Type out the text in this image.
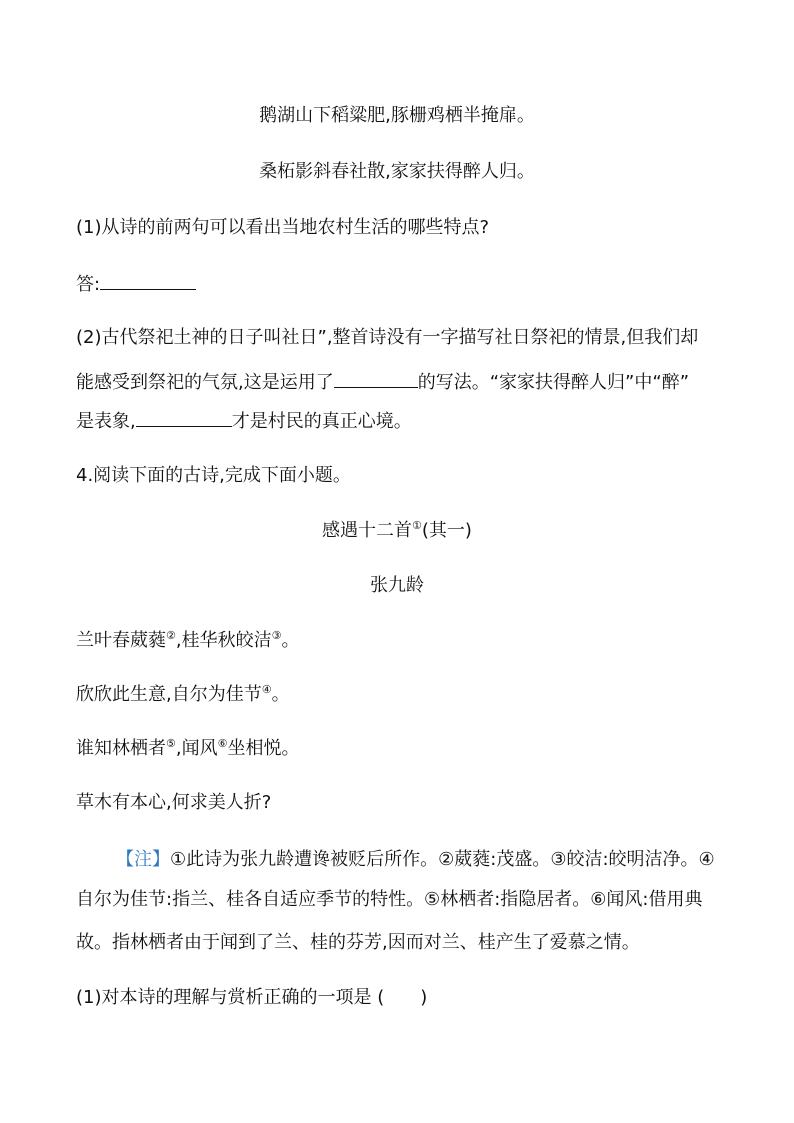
鹅湖山下稻粱肥,豚栅鸡栖半掩扉。
桑柘影斜春社散,家家扶得醉人归。
(1)从诗的前两句可以看出当地农村生活的哪些特点?
答:
(2)古代祭祀土神的日子叫社日”,整首诗没有一字描写社日祭祀的情景,但我们却
能感受到祭祀的气氛,这是运用了	的写法。“家家扶得醉人归”中“醉”
是表象,	才是村民的真正心境。
4.阅读下面的古诗,完成下面小题。
感遇十二首①(其一)
张九龄
兰叶春葳蕤②,桂华秋皎洁③。
欣欣此生意,自尔为佳节④。
谁知林栖者⑤,闻风⑥坐相悦。
草木有本心,何求美人折?
【注】①此诗为张九龄遭谗被贬后所作。②葳蕤:茂盛。③皎洁:皎明洁净。④
自尔为佳节:指兰、桂各自适应季节的特性。⑤林栖者:指隐居者。⑥闻风:借用典
故。指林栖者由于闻到了兰、桂的芬芳,因而对兰、桂产生了爱慕之情。
(1)对本诗的理解与赏析正确的一项是 (　　)
